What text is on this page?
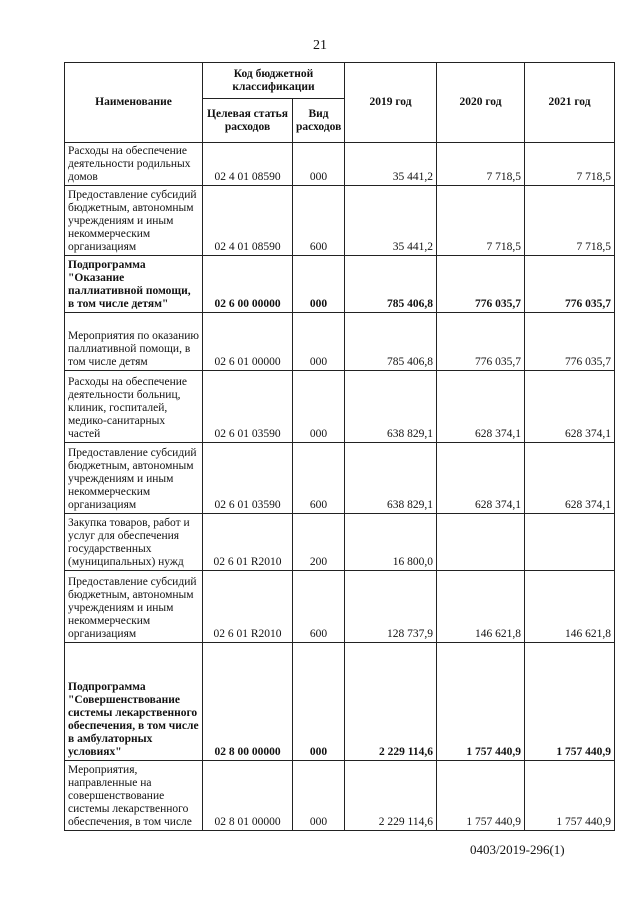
21
Наименование	Код бюджетной классификации		2019 год	2020 год	2021 год
	Целевая статья расходов	Вид расходов			
Расходы на обеспечение деятельности родильных домов	02 4 01 08590	000	35 441,2	7 718,5	7 718,5
Предоставление субсидий бюджетным, автономным учреждениям и иным некоммерческим организациям	02 4 01 08590	600	35 441,2	7 718,5	7 718,5
Подпрограмма "Оказание паллиативной помощи, в том числе детям"	02 6 00 00000	000	785 406,8	776 035,7	776 035,7
Мероприятия по оказанию паллиативной помощи, в том числе детям	02 6 01 00000	000	785 406,8	776 035,7	776 035,7
Расходы на обеспечение деятельности больниц, клиник, госпиталей, медико-санитарных частей	02 6 01 03590	000	638 829,1	628 374,1	628 374,1
Предоставление субсидий бюджетным, автономным учреждениям и иным некоммерческим организациям	02 6 01 03590	600	638 829,1	628 374,1	628 374,1
Закупка товаров, работ и услуг для обеспечения государственных (муниципальных) нужд	02 6 01 R2010	200	16 800,0		
Предоставление субсидий бюджетным, автономным учреждениям и иным некоммерческим организациям	02 6 01 R2010	600	128 737,9	146 621,8	146 621,8
Подпрограмма "Совершенствование системы лекарственного обеспечения, в том числе в амбулаторных условиях"	02 8 00 00000	000	2 229 114,6	1 757 440,9	1 757 440,9
Мероприятия, направленные на совершенствование системы лекарственного обеспечения, в том числе	02 8 01 00000	000	2 229 114,6	1 757 440,9	1 757 440,9
0403/2019-296(1)
